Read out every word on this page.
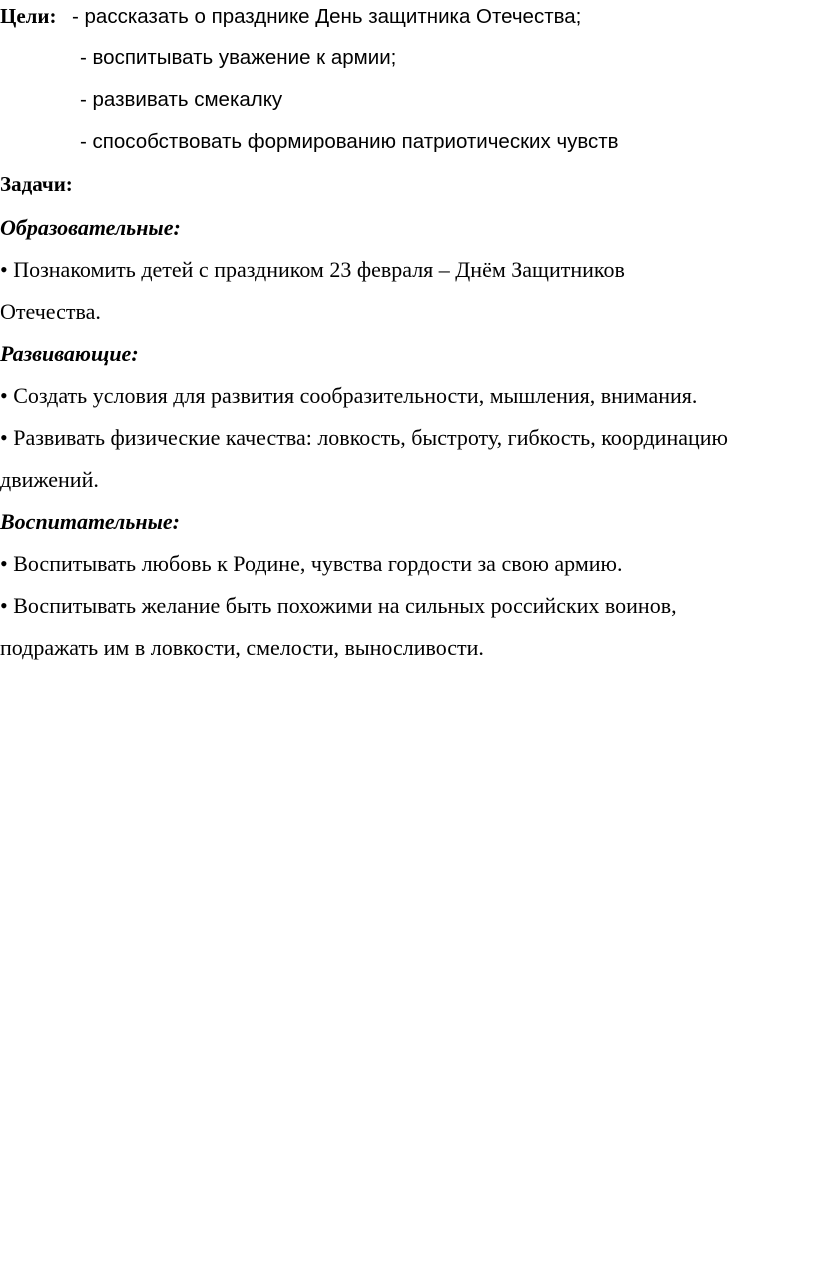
Цели: - рассказать о празднике День защитника Отечества;
- воспитывать уважение к армии;
- развивать смекалку
- способствовать формированию патриотических чувств
Задачи:
Образовательные:
• Познакомить детей с праздником 23 февраля – Днём Защитников
Отечества.
Развивающие:
• Создать условия для развития сообразительности, мышления, внимания.
• Развивать физические качества: ловкость, быстроту, гибкость, координацию
движений.
Воспитательные:
• Воспитывать любовь к Родине, чувства гордости за свою армию.
• Воспитывать желание быть похожими на сильных российских воинов,
подражать им в ловкости, смелости, выносливости.
